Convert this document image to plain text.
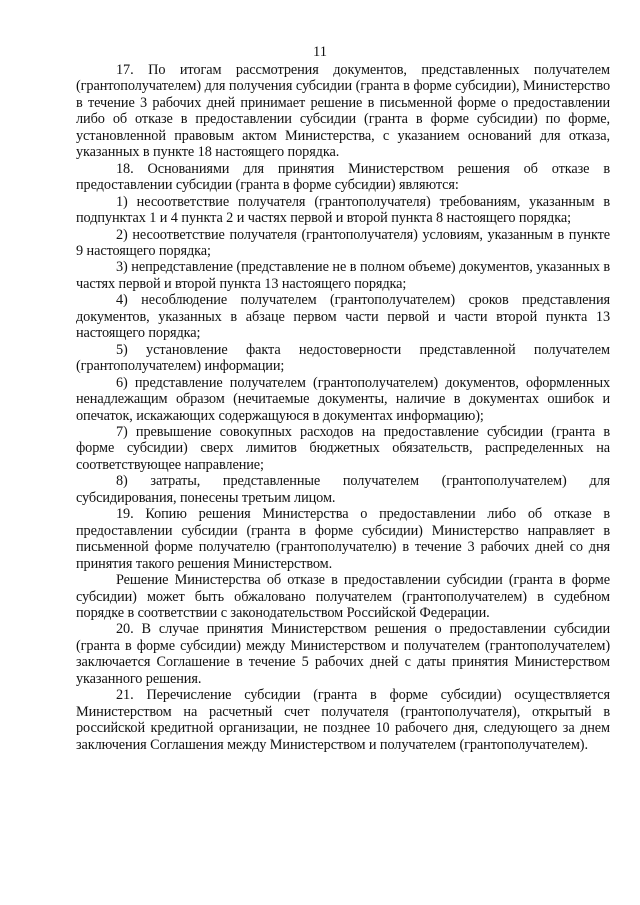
11

17. По итогам рассмотрения документов, представленных получателем (грантополучателем) для получения субсидии (гранта в форме субсидии), Министерство в течение 3 рабочих дней принимает решение в письменной форме о предоставлении либо об отказе в предоставлении субсидии (гранта в форме субсидии) по форме, установленной правовым актом Министерства, с указанием оснований для отказа, указанных в пункте 18 настоящего порядка.

18. Основаниями для принятия Министерством решения об отказе в предоставлении субсидии (гранта в форме субсидии) являются:

1) несоответствие получателя (грантополучателя) требованиям, указанным в подпунктах 1 и 4 пункта 2 и частях первой и второй пункта 8 настоящего порядка;

2) несоответствие получателя (грантополучателя) условиям, указанным в пункте 9 настоящего порядка;

3) непредставление (представление не в полном объеме) документов, указанных в частях первой и второй пункта 13 настоящего порядка;

4) несоблюдение получателем (грантополучателем) сроков представления документов, указанных в абзаце первом части первой и части второй пункта 13 настоящего порядка;

5) установление факта недостоверности представленной получателем (грантополучателем) информации;

6) представление получателем (грантополучателем) документов, оформленных ненадлежащим образом (нечитаемые документы, наличие в документах ошибок и опечаток, искажающих содержащуюся в документах информацию);

7) превышение совокупных расходов на предоставление субсидии (гранта в форме субсидии) сверх лимитов бюджетных обязательств, распределенных на соответствующее направление;

8) затраты, представленные получателем (грантополучателем) для субсидирования, понесены третьим лицом.

19. Копию решения Министерства о предоставлении либо об отказе в предоставлении субсидии (гранта в форме субсидии) Министерство направляет в письменной форме получателю (грантополучателю) в течение 3 рабочих дней со дня принятия такого решения Министерством.

Решение Министерства об отказе в предоставлении субсидии (гранта в форме субсидии) может быть обжаловано получателем (грантополучателем) в судебном порядке в соответствии с законодательством Российской Федерации.

20. В случае принятия Министерством решения о предоставлении субсидии (гранта в форме субсидии) между Министерством и получателем (грантополучателем) заключается Соглашение в течение 5 рабочих дней с даты принятия Министерством указанного решения.

21. Перечисление субсидии (гранта в форме субсидии) осуществляется Министерством на расчетный счет получателя (грантополучателя), открытый в российской кредитной организации, не позднее 10 рабочего дня, следующего за днем заключения Соглашения между Министерством и получателем (грантополучателем).
